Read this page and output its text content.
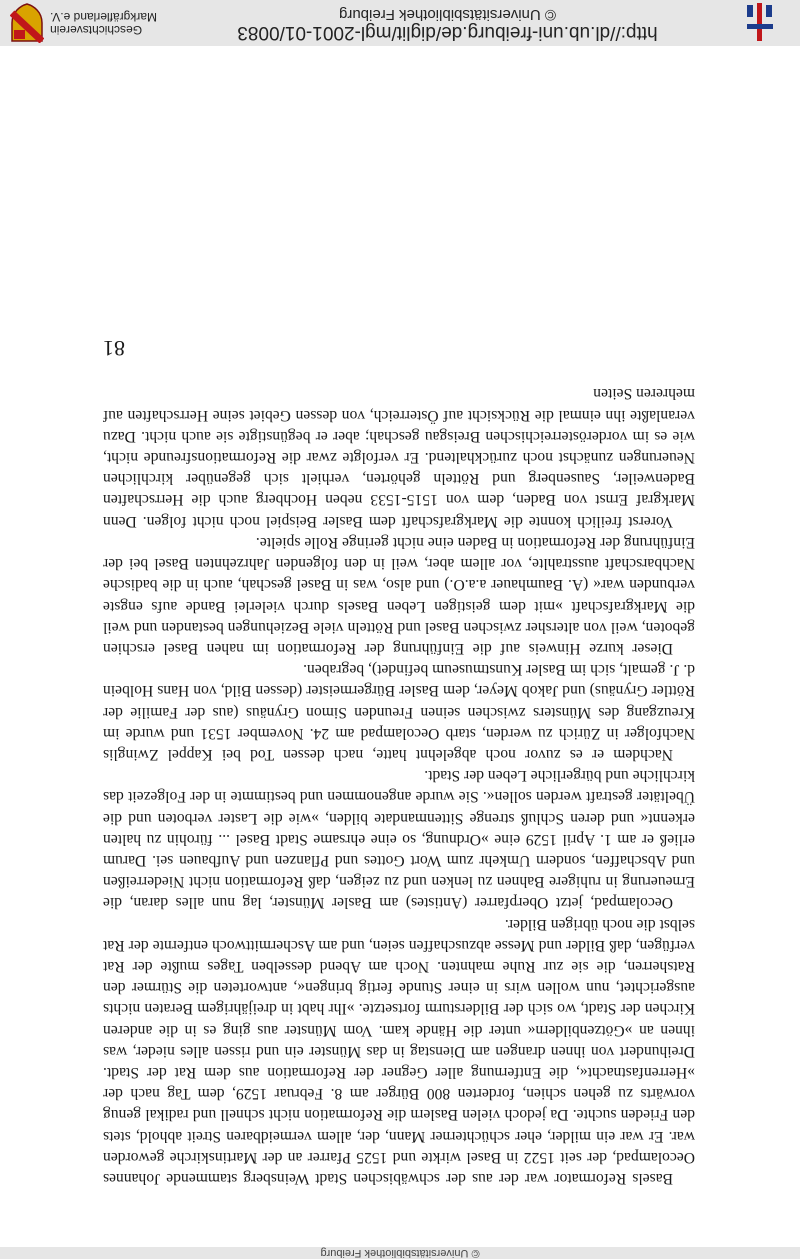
© Universitätsbibliothek Freiburg

Basels Reformator war der aus der schwäbischen Stadt Weinsberg stammende Johannes Oecolampad, der seit 1522 in Basel wirkte und 1525 Pfarrer an der Martinskirche geworden war. Er war ein milder, eher schüchterner Mann, der, allem vermeidbaren Streit abhold, stets den Frieden suchte. Da jedoch vielen Baslern die Reformation nicht schnell und radikal genug vorwärts zu gehen schien, forderten 800 Bürger am 8. Februar 1529, dem Tag nach der »Herrenfastnacht«, die Entfernung aller Gegner der Reformation aus dem Rat der Stadt. Dreihundert von ihnen drangen am Dienstag in das Münster ein und rissen alles nieder, was ihnen an »Götzenbildern« unter die Hände kam. Vom Münster aus ging es in die anderen Kirchen der Stadt, wo sich der Bildersturm fortsetzte. »Ihr habt in dreijährigem Beraten nichts ausgerichtet, nun wollen wirs in einer Stunde fertig bringen«, antworteten die Stürmer den Ratsherren, die sie zur Ruhe mahnten. Noch am Abend desselben Tages mußte der Rat verfügen, daß Bilder und Messe abzuschaffen seien, und am Aschermittwoch entfernte der Rat selbst die noch übrigen Bilder.

Oecolampad, jetzt Oberpfarrer (Antistes) am Basler Münster, lag nun alles daran, die Erneuerung in ruhigere Bahnen zu lenken und zu zeigen, daß Reformation nicht Niederreißen und Abschaffen, sondern Umkehr zum Wort Gottes und Pflanzen und Aufbauen sei. Darum erließ er am 1. April 1529 eine »Ordnung, so eine ehrsame Stadt Basel ... fürohin zu halten erkennt« und deren Schluß strenge Sittenmandate bilden, »wie die Laster verboten und die Übeltäter gestraft werden sollen«. Sie wurde angenommen und bestimmte in der Folgezeit das kirchliche und bürgerliche Leben der Stadt.

Nachdem er es zuvor noch abgelehnt hatte, nach dessen Tod bei Kappel Zwinglis Nachfolger in Zürich zu werden, starb Oecolampad am 24. November 1531 und wurde im Kreuzgang des Münsters zwischen seinen Freunden Simon Grynäus (aus der Familie der Röttler Grynäus) und Jakob Meyer, dem Basler Bürgermeister (dessen Bild, von Hans Holbein d. J. gemalt, sich im Basler Kunstmuseum befindet), begraben.

Dieser kurze Hinweis auf die Einführung der Reformation im nahen Basel erschien geboten, weil von altersher zwischen Basel und Rötteln viele Beziehungen bestanden und weil die Markgrafschaft »mit dem geistigen Leben Basels durch vielerlei Bande aufs engste verbunden war« (A. Baumhauer a.a.O.) und also, was in Basel geschah, auch in die badische Nachbarschaft ausstrahlte, vor allem aber, weil in den folgenden Jahrzehnten Basel bei der Einführung der Reformation in Baden eine nicht geringe Rolle spielte.

Vorerst freilich konnte die Markgrafschaft dem Basler Beispiel noch nicht folgen. Denn Markgraf Ernst von Baden, dem von 1515-1533 neben Hochberg auch die Herrschaften Badenweiler, Sausenberg und Rötteln gehörten, verhielt sich gegenüber kirchlichen Neuerungen zunächst noch zurückhaltend. Er verfolgte zwar die Reformationsfreunde nicht, wie es im vorderösterreichischen Breisgau geschah; aber er begünstigte sie auch nicht. Dazu veranlaßte ihn einmal die Rücksicht auf Österreich, von dessen Gebiet seine Herrschaften auf mehreren Seiten

81
http://dl.ub.uni-freiburg.de/diglit/mgl-2001-01/0083
© Universitätsbibliothek Freiburg
Geschichtsverein
Markgräflerland e.V.
